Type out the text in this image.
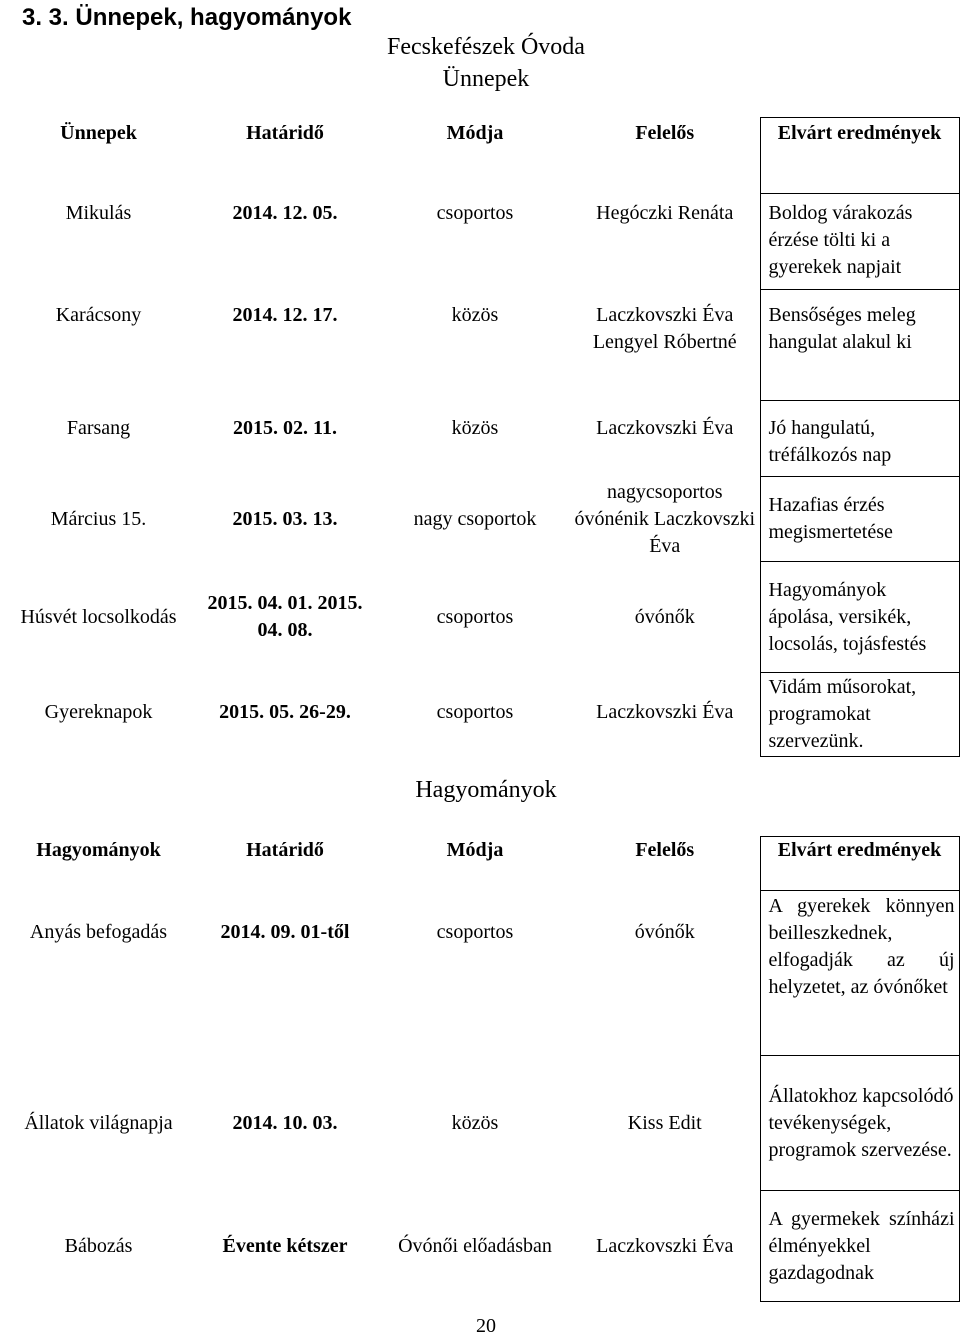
3. 3. Ünnepek, hagyományok
Fecskefészek Óvoda
Ünnepek
Ünnepek	Határidő	Módja	Felelős	Elvárt eredmények
Mikulás	2014. 12. 05.	csoportos	Hegóczki Renáta	Boldog várakozás érzése tölti ki a gyerekek napjait
Karácsony	2014. 12. 17.	közös	Laczkovszki Éva Lengyel Róbertné	Bensőséges meleg hangulat alakul ki
Farsang	2015. 02. 11.	közös	Laczkovszki Éva	Jó hangulatú, tréfálkozós nap
Március 15.	2015. 03. 13.	nagy csoportok	nagycsoportos óvónénik Laczkovszki Éva	Hazafias érzés megismertetése
Húsvét locsolkodás	2015. 04. 01. 2015. 04. 08.	csoportos	óvónők	Hagyományok ápolása, versikék, locsolás, tojásfestés
Gyereknapok	2015. 05. 26-29.	csoportos	Laczkovszki Éva	Vidám műsorokat, programokat szervezünk.
Hagyományok
Hagyományok	Határidő	Módja	Felelős	Elvárt eredmények
Anyás befogadás	2014. 09. 01-től	csoportos	óvónők	A gyerekek könnyen beilleszkednek, elfogadják az új helyzetet, az óvónőket
Állatok világnapja	2014. 10. 03.	közös	Kiss Edit	Állatokhoz kapcsolódó tevékenységek, programok szervezése.
Bábozás	Évente kétszer	Óvónői előadásban	Laczkovszki Éva	A gyermekek színházi élményekkel gazdagodnak
20
